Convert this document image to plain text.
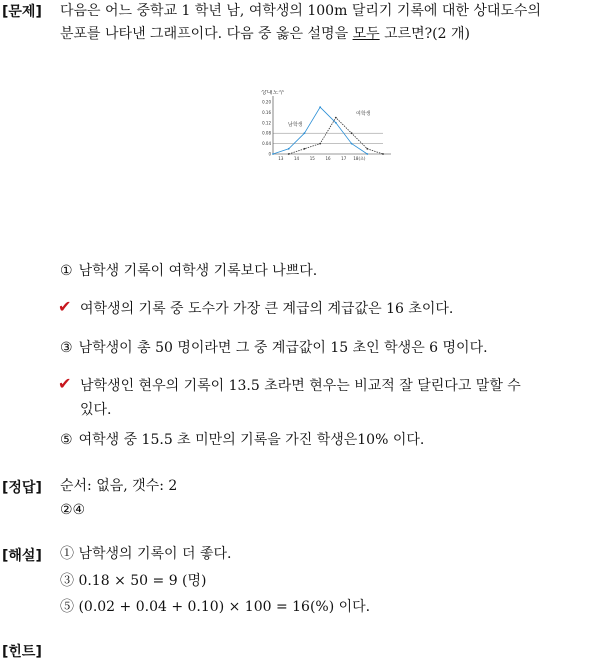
[문제] 다음은 어느 중학교 1 학년 남, 여학생의 100m 달리기 기록에 대한 상대도수의
분포를 나타낸 그래프이다. 다음 중 옳은 설명을 모두 고르면?(2 개)
0.20
0.16
0.12
0.08
0.04
0
13	14	15	16	17 18(초)
상대도수
남학생
여학생
① 남학생 기록이 여학생 기록보다 나쁘다.
✔ 여학생의 기록 중 도수가 가장 큰 계급의 계급값은 16 초이다.
③ 남학생이 총 50 명이라면 그 중 계급값이 15 초인 학생은 6 명이다.
✔ 남학생인 현우의 기록이 13.5 초라면 현우는 비교적 잘 달린다고 말할 수
있다.
⑤ 여학생 중 15.5 초 미만의 기록을 가진 학생은10% 이다.
[정답] 순서: 없음, 갯수: 2
②④
[해설] ① 남학생의 기록이 더 좋다.
③ 0.18 × 50 = 9 (명)
⑤ (0.02 + 0.04 + 0.10) × 100 = 16(%) 이다.
[힌트]
